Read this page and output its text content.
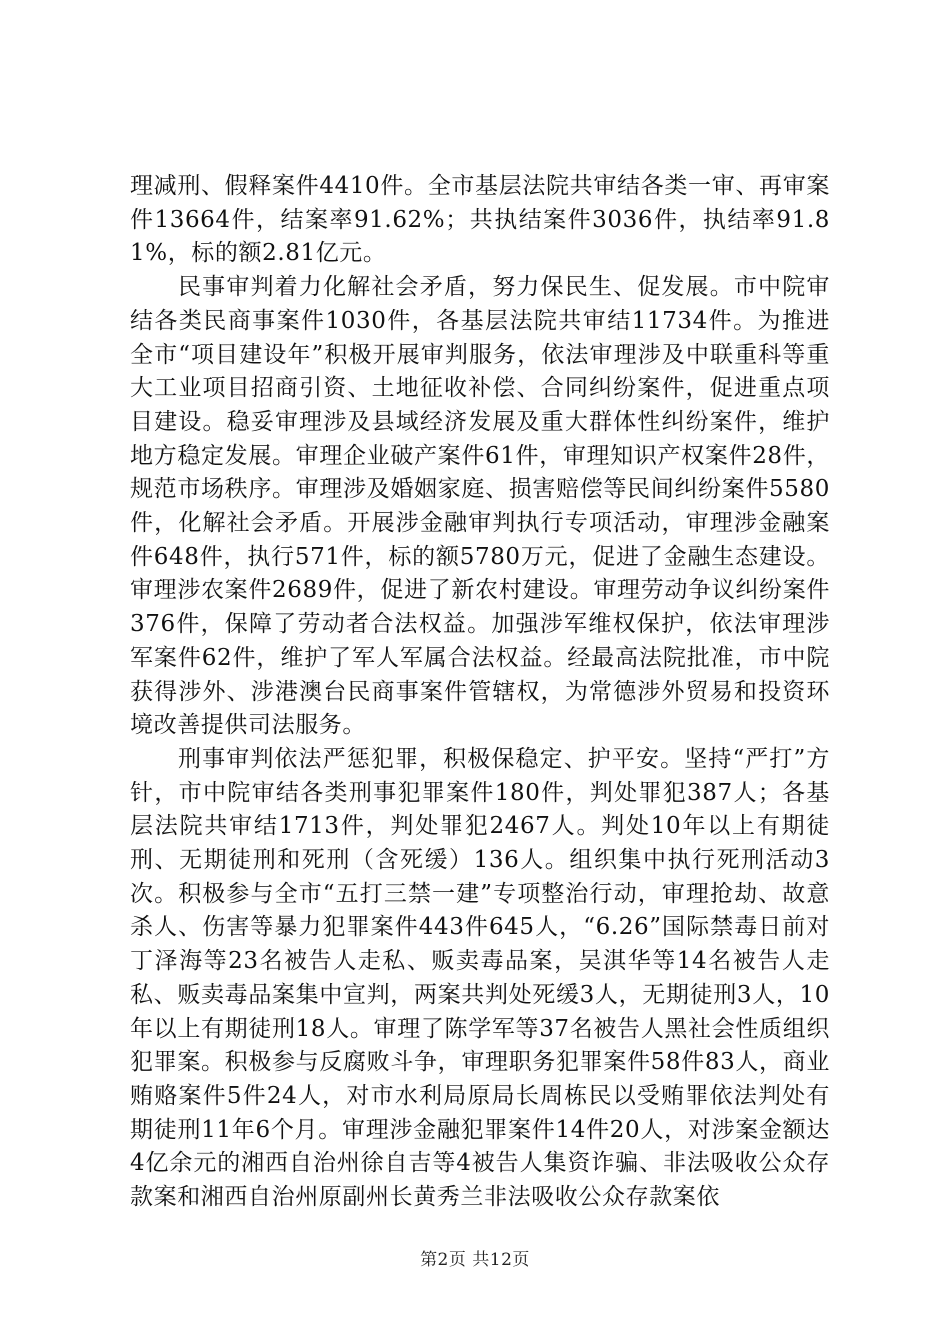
理减刑、假释案件4410件。全市基层法院共审结各类一审、再审案件13664件，结案率91.62%；共执结案件3036件，执结率91.81%，标的额2.81亿元。

民事审判着力化解社会矛盾，努力保民生、促发展。市中院审结各类民商事案件1030件，各基层法院共审结11734件。为推进全市“项目建设年”积极开展审判服务，依法审理涉及中联重科等重大工业项目招商引资、土地征收补偿、合同纠纷案件，促进重点项目建设。稳妥审理涉及县域经济发展及重大群体性纠纷案件，维护地方稳定发展。审理企业破产案件61件，审理知识产权案件28件，规范市场秩序。审理涉及婚姻家庭、损害赔偿等民间纠纷案件5580件，化解社会矛盾。开展涉金融审判执行专项活动，审理涉金融案件648件，执行571件，标的额5780万元，促进了金融生态建设。审理涉农案件2689件，促进了新农村建设。审理劳动争议纠纷案件376件，保障了劳动者合法权益。加强涉军维权保护，依法审理涉军案件62件，维护了军人军属合法权益。经最高法院批准，市中院获得涉外、涉港澳台民商事案件管辖权，为常德涉外贸易和投资环境改善提供司法服务。

刑事审判依法严惩犯罪，积极保稳定、护平安。坚持“严打”方针，市中院审结各类刑事犯罪案件180件，判处罪犯387人；各基层法院共审结1713件，判处罪犯2467人。判处10年以上有期徒刑、无期徒刑和死刑（含死缓）136人。组织集中执行死刑活动3次。积极参与全市“五打三禁一建”专项整治行动，审理抢劫、故意杀人、伤害等暴力犯罪案件443件645人，“6.26”国际禁毒日前对丁泽海等23名被告人走私、贩卖毒品案，吴淇华等14名被告人走私、贩卖毒品案集中宣判，两案共判处死缓3人，无期徒刑3人，10年以上有期徒刑18人。审理了陈学军等37名被告人黑社会性质组织犯罪案。积极参与反腐败斗争，审理职务犯罪案件58件83人，商业贿赂案件5件24人，对市水利局原局长周栋民以受贿罪依法判处有期徒刑11年6个月。审理涉金融犯罪案件14件20人，对涉案金额达4亿余元的湘西自治州徐自吉等4被告人集资诈骗、非法吸收公众存款案和湘西自治州原副州长黄秀兰非法吸收公众存款案依

第2页 共12页
